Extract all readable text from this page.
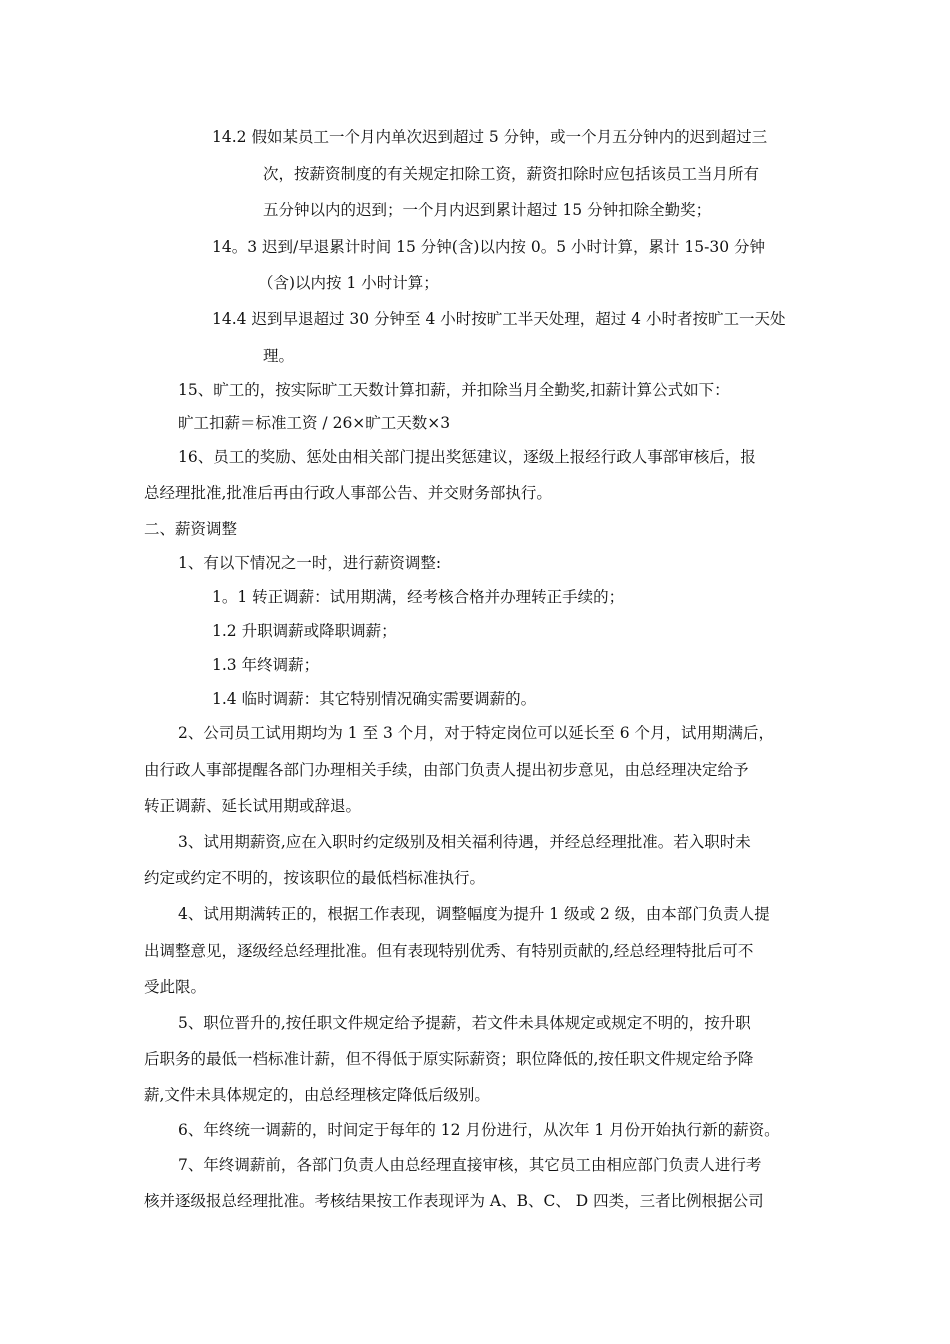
14.2 假如某员工一个月内单次迟到超过 5 分钟，或一个月五分钟内的迟到超过三
次，按薪资制度的有关规定扣除工资，薪资扣除时应包括该员工当月所有
五分钟以内的迟到；一个月内迟到累计超过 15 分钟扣除全勤奖；
14。3 迟到/早退累计时间 15 分钟(含)以内按 0。5 小时计算，累计 15-30 分钟
（含)以内按 1 小时计算；
14.4 迟到早退超过 30 分钟至 4 小时按旷工半天处理，超过 4 小时者按旷工一天处
理。
15、旷工的，按实际旷工天数计算扣薪，并扣除当月全勤奖,扣薪计算公式如下：
旷工扣薪＝标准工资 / 26×旷工天数×3
16、员工的奖励、惩处由相关部门提出奖惩建议，逐级上报经行政人事部审核后，报
总经理批准,批准后再由行政人事部公告、并交财务部执行。
二、薪资调整
1、有以下情况之一时，进行薪资调整:
1。1 转正调薪：试用期满，经考核合格并办理转正手续的；
1.2 升职调薪或降职调薪；
1.3 年终调薪；
1.4 临时调薪：其它特别情况确实需要调薪的。
2、公司员工试用期均为 1 至 3 个月，对于特定岗位可以延长至 6 个月，试用期满后，
由行政人事部提醒各部门办理相关手续，由部门负责人提出初步意见，由总经理决定给予
转正调薪、延长试用期或辞退。
3、试用期薪资,应在入职时约定级别及相关福利待遇，并经总经理批准。若入职时未
约定或约定不明的，按该职位的最低档标准执行。
4、试用期满转正的，根据工作表现，调整幅度为提升 1 级或 2 级，由本部门负责人提
出调整意见，逐级经总经理批准。但有表现特别优秀、有特别贡献的,经总经理特批后可不
受此限。
5、职位晋升的,按任职文件规定给予提薪，若文件未具体规定或规定不明的，按升职
后职务的最低一档标准计薪，但不得低于原实际薪资；职位降低的,按任职文件规定给予降
薪,文件未具体规定的，由总经理核定降低后级别。
6、年终统一调薪的，时间定于每年的 12 月份进行，从次年 1 月份开始执行新的薪资。
7、年终调薪前，各部门负责人由总经理直接审核，其它员工由相应部门负责人进行考
核并逐级报总经理批准。考核结果按工作表现评为 A、B、C、 D 四类，三者比例根据公司
